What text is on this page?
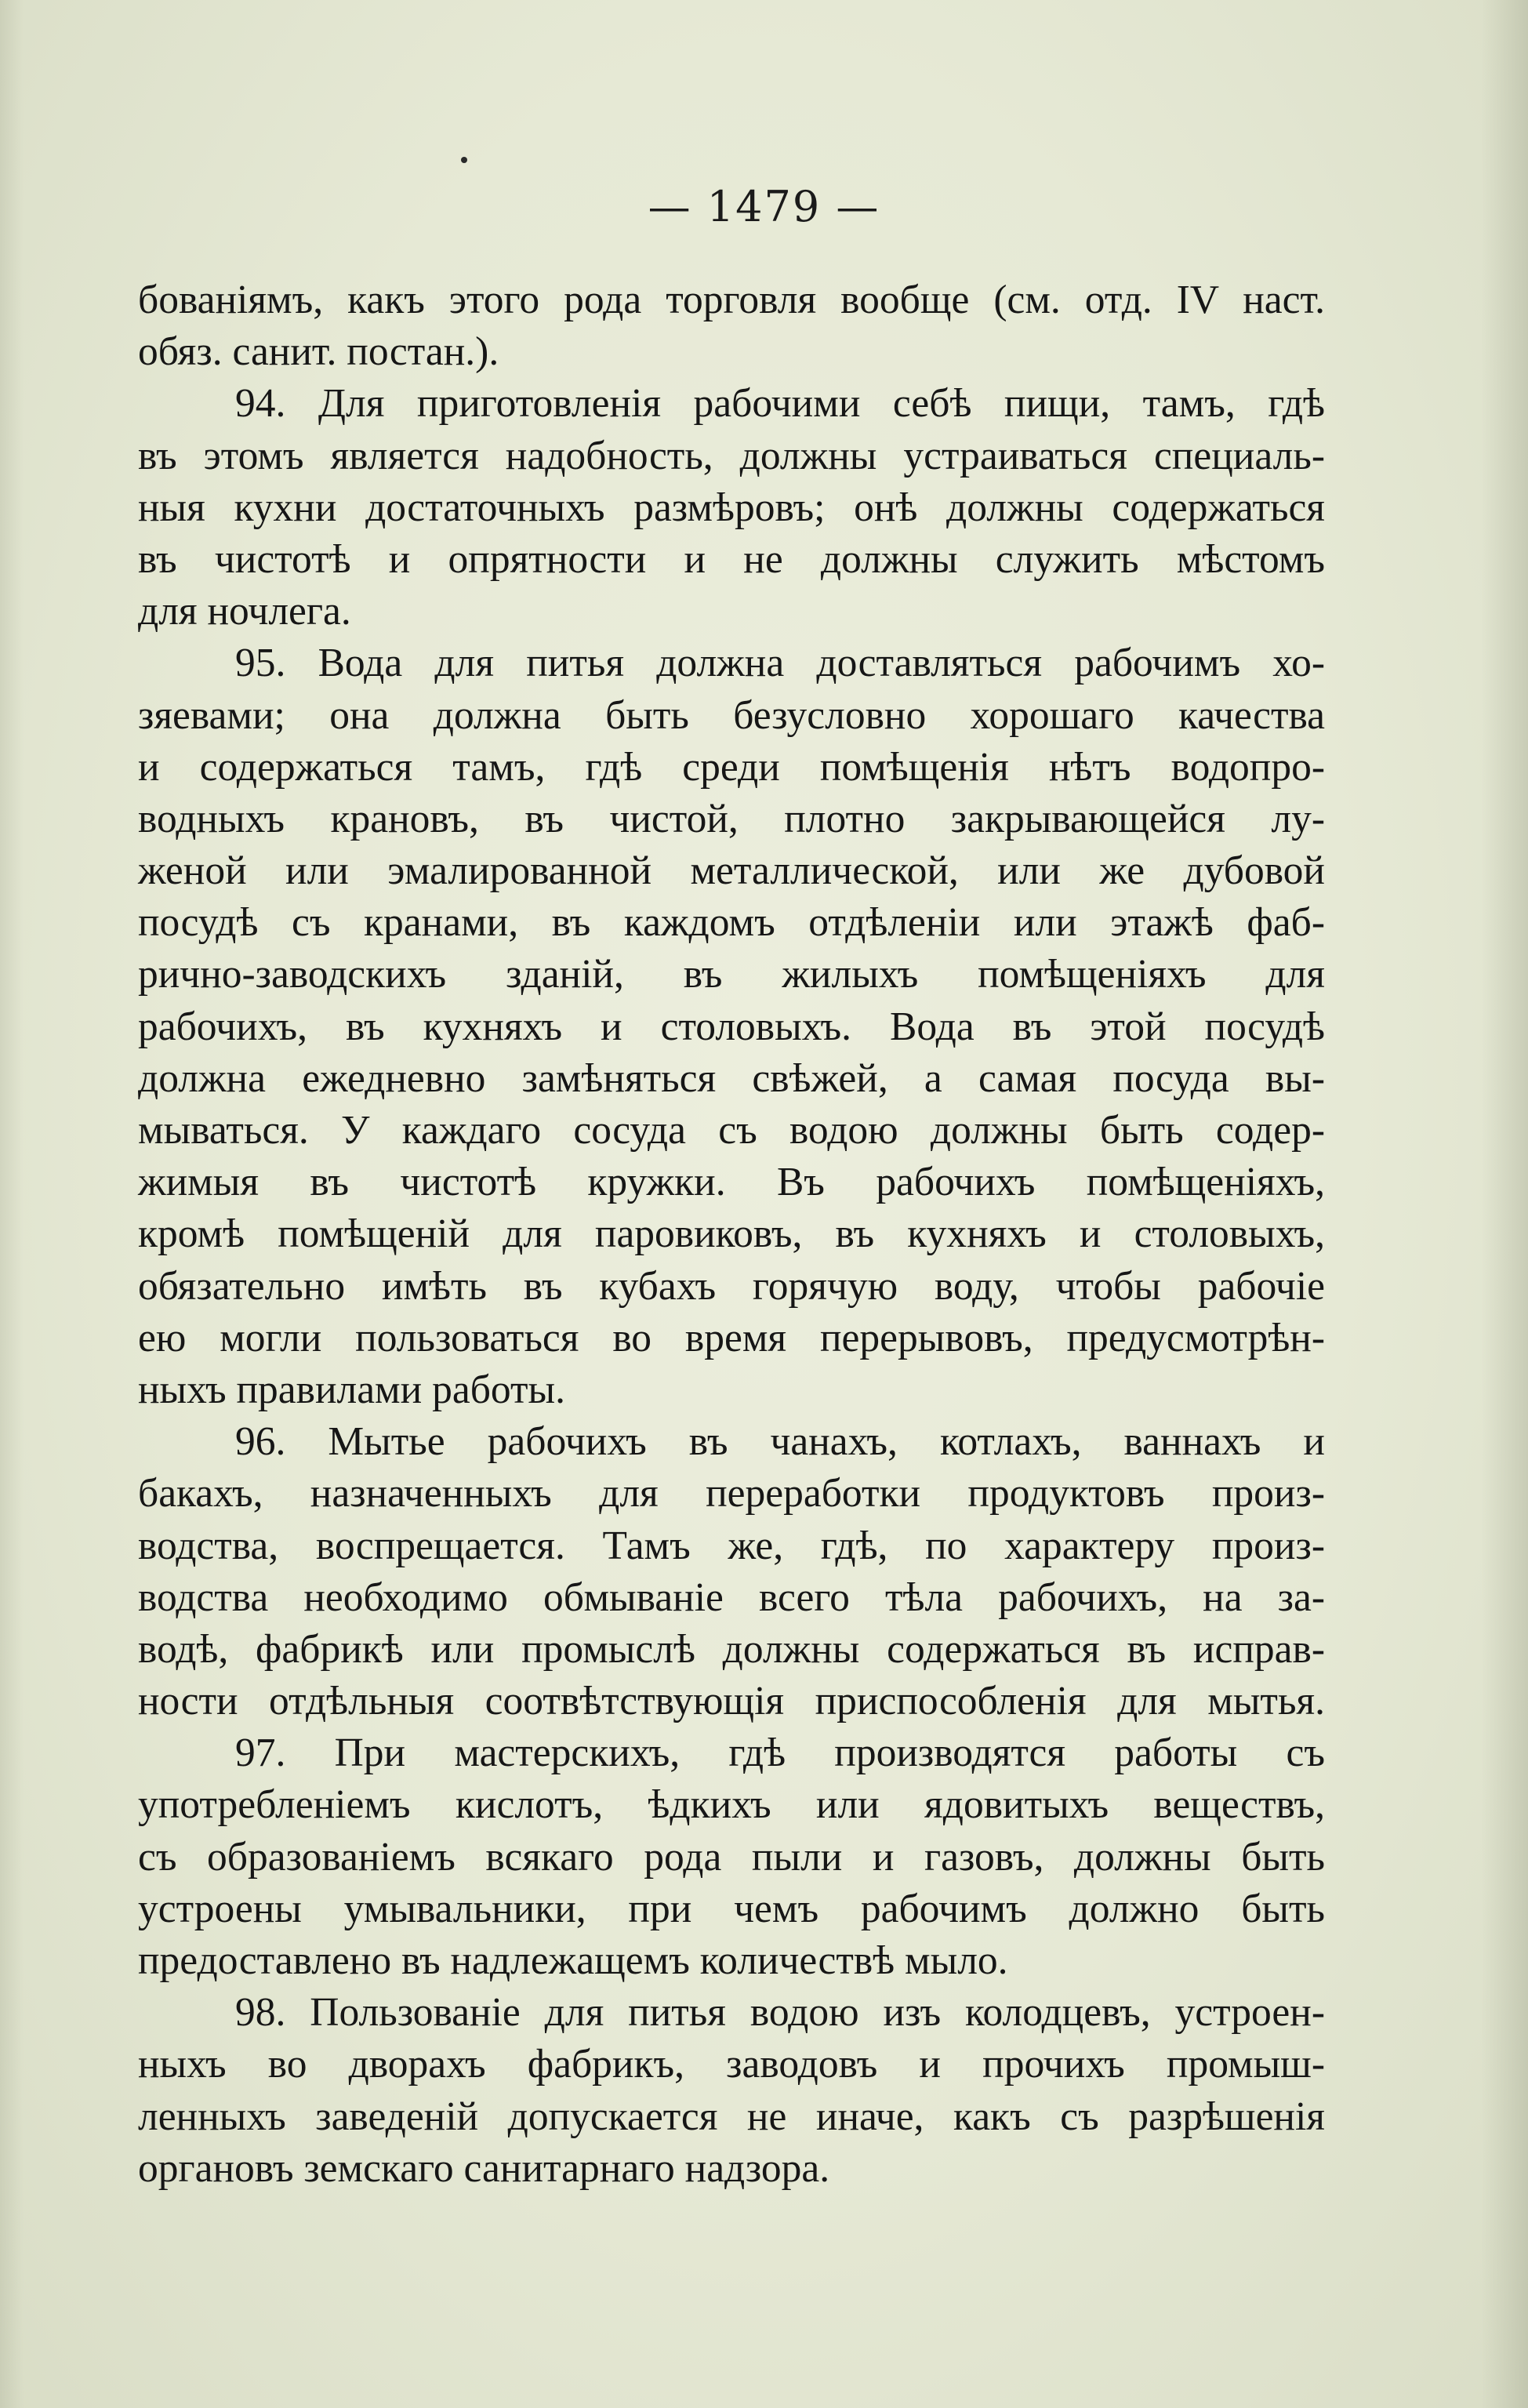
— 1479 —
бованіямъ, какъ этого рода торговля вообще (см. отд. IV наст.
обяз. санит. постан.).
94. Для приготовленія рабочими себѣ пищи, тамъ, гдѣ
въ этомъ является надобность, должны устраиваться специаль-
ныя кухни достаточныхъ размѣровъ; онѣ должны содержаться
въ чистотѣ и опрятности и не должны служить мѣстомъ
для ночлега.
95. Вода для питья должна доставляться рабочимъ хо-
зяевами; она должна быть безусловно хорошаго качества
и содержаться тамъ, гдѣ среди помѣщенія нѣтъ водопро-
водныхъ крановъ, въ чистой, плотно закрывающейся лу-
женой или эмалированной металлической, или же дубовой
посудѣ съ кранами, въ каждомъ отдѣленіи или этажѣ фаб-
рично-заводскихъ зданій, въ жилыхъ помѣщеніяхъ для
рабочихъ, въ кухняхъ и столовыхъ. Вода въ этой посудѣ
должна ежедневно замѣняться свѣжей, а самая посуда вы-
мываться. У каждаго сосуда съ водою должны быть содер-
жимыя въ чистотѣ кружки. Въ рабочихъ помѣщеніяхъ,
кромѣ помѣщеній для паровиковъ, въ кухняхъ и столовыхъ,
обязательно имѣть въ кубахъ горячую воду, чтобы рабочіе
ею могли пользоваться во время перерывовъ, предусмотрѣн-
ныхъ правилами работы.
96. Мытье рабочихъ въ чанахъ, котлахъ, ваннахъ и
бакахъ, назначенныхъ для переработки продуктовъ произ-
водства, воспрещается. Тамъ же, гдѣ, по характеру произ-
водства необходимо обмываніе всего тѣла рабочихъ, на за-
водѣ, фабрикѣ или промыслѣ должны содержаться въ исправ-
ности отдѣльныя соотвѣтствующія приспособленія для мытья.
97. При мастерскихъ, гдѣ производятся работы съ
употребленіемъ кислотъ, ѣдкихъ или ядовитыхъ веществъ,
съ образованіемъ всякаго рода пыли и газовъ, должны быть
устроены умывальники, при чемъ рабочимъ должно быть
предоставлено въ надлежащемъ количествѣ мыло.
98. Пользованіе для питья водою изъ колодцевъ, устроен-
ныхъ во дворахъ фабрикъ, заводовъ и прочихъ промыш-
ленныхъ заведеній допускается не иначе, какъ съ разрѣшенія
органовъ земскаго санитарнаго надзора.
